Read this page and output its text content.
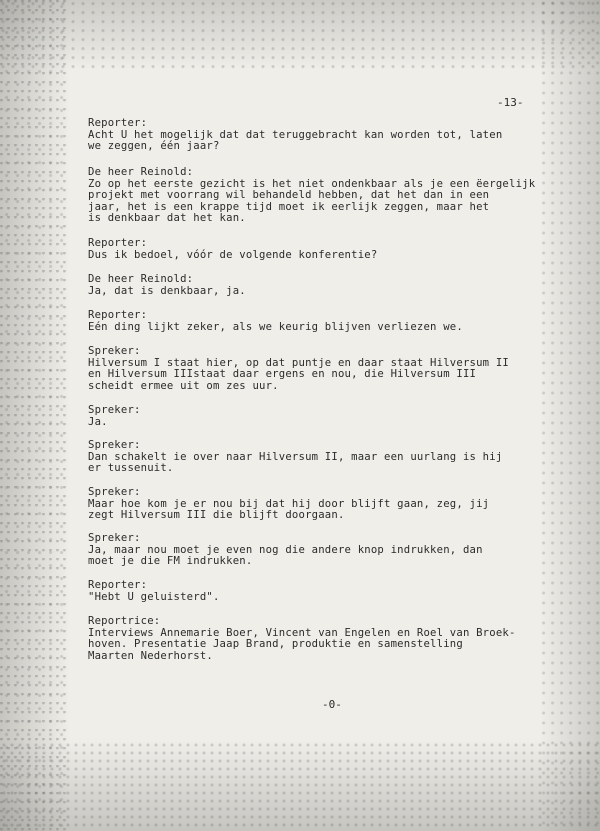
-13-
Reporter:
Acht U het mogelijk dat dat teruggebracht kan worden tot, laten
we zeggen, één jaar?
De heer Reinold:
Zo op het eerste gezicht is het niet ondenkbaar als je een ëergelijk
projekt met voorrang wil behandeld hebben, dat het dan in een
jaar, het is een krappe tijd moet ik eerlijk zeggen, maar het
is denkbaar dat het kan.
Reporter:
Dus ik bedoel, vóór de volgende konferentie?
De heer Reinold:
Ja, dat is denkbaar, ja.
Reporter:
Eén ding lijkt zeker, als we keurig blijven verliezen we.
Spreker:
Hilversum I staat hier, op dat puntje en daar staat Hilversum II
en Hilversum IIIstaat daar ergens en nou, die Hilversum III
scheidt ermee uit om zes uur.
Spreker:
Ja.
Spreker:
Dan schakelt ie over naar Hilversum II, maar een uurlang is hij
er tussenuit.
Spreker:
Maar hoe kom je er nou bij dat hij door blijft gaan, zeg, jij
zegt Hilversum III die blijft doorgaan.
Spreker:
Ja, maar nou moet je even nog die andere knop indrukken, dan
moet je die FM indrukken.
Reporter:
"Hebt U geluisterd".
Reportrice:
Interviews Annemarie Boer, Vincent van Engelen en Roel van Broek-
hoven. Presentatie Jaap Brand, produktie en samenstelling
Maarten Nederhorst.
-0-
